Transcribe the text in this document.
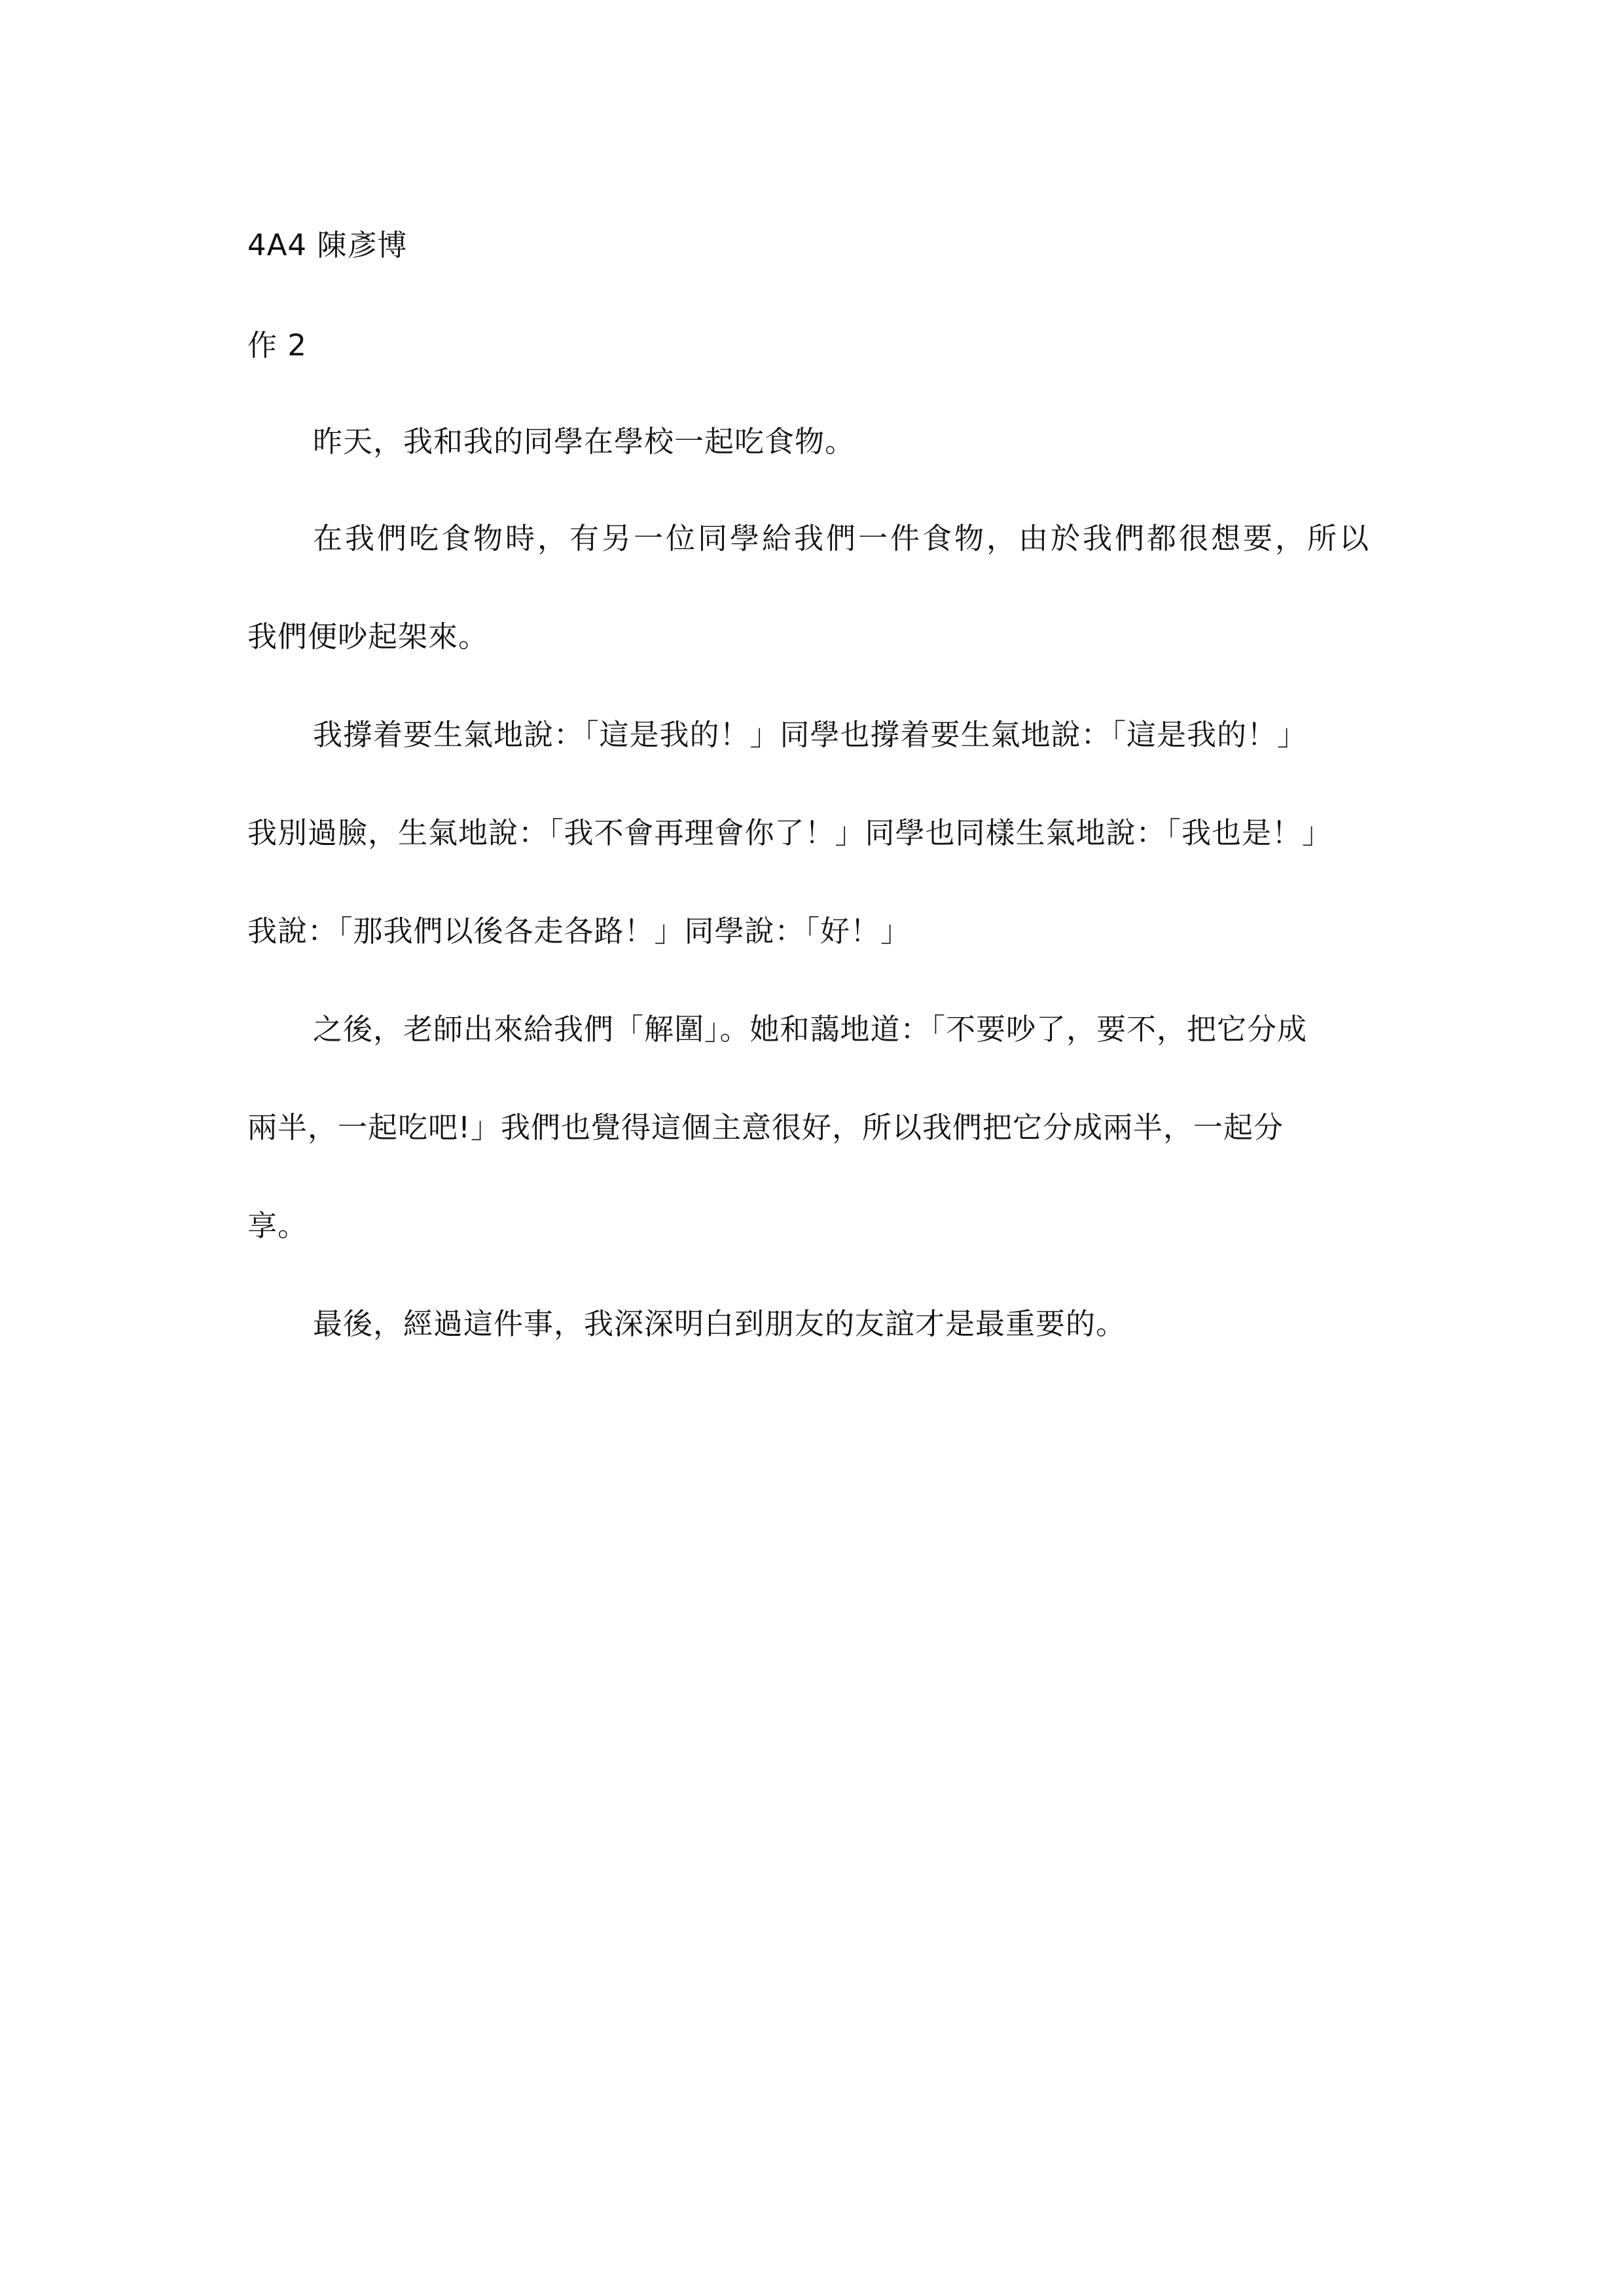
4A4 陳彥博
作 2
昨天，我和我的同學在學校一起吃食物。
在我們吃食物時，有另一位同學給我們一件食物，由於我們都很想要，所以
我們便吵起架來。
我撐着要生氣地說：「這是我的！」同學也撐着要生氣地說：「這是我的！」
我別過臉，生氣地說：「我不會再理會你了！」同學也同樣生氣地說：「我也是！」
我說：「那我們以後各走各路！」同學說：「好！」
之後，老師出來給我們「解圍」。她和藹地道：「不要吵了，要不，把它分成
兩半，一起吃吧!」我們也覺得這個主意很好，所以我們把它分成兩半，一起分
享。
最後，經過這件事，我深深明白到朋友的友誼才是最重要的。
